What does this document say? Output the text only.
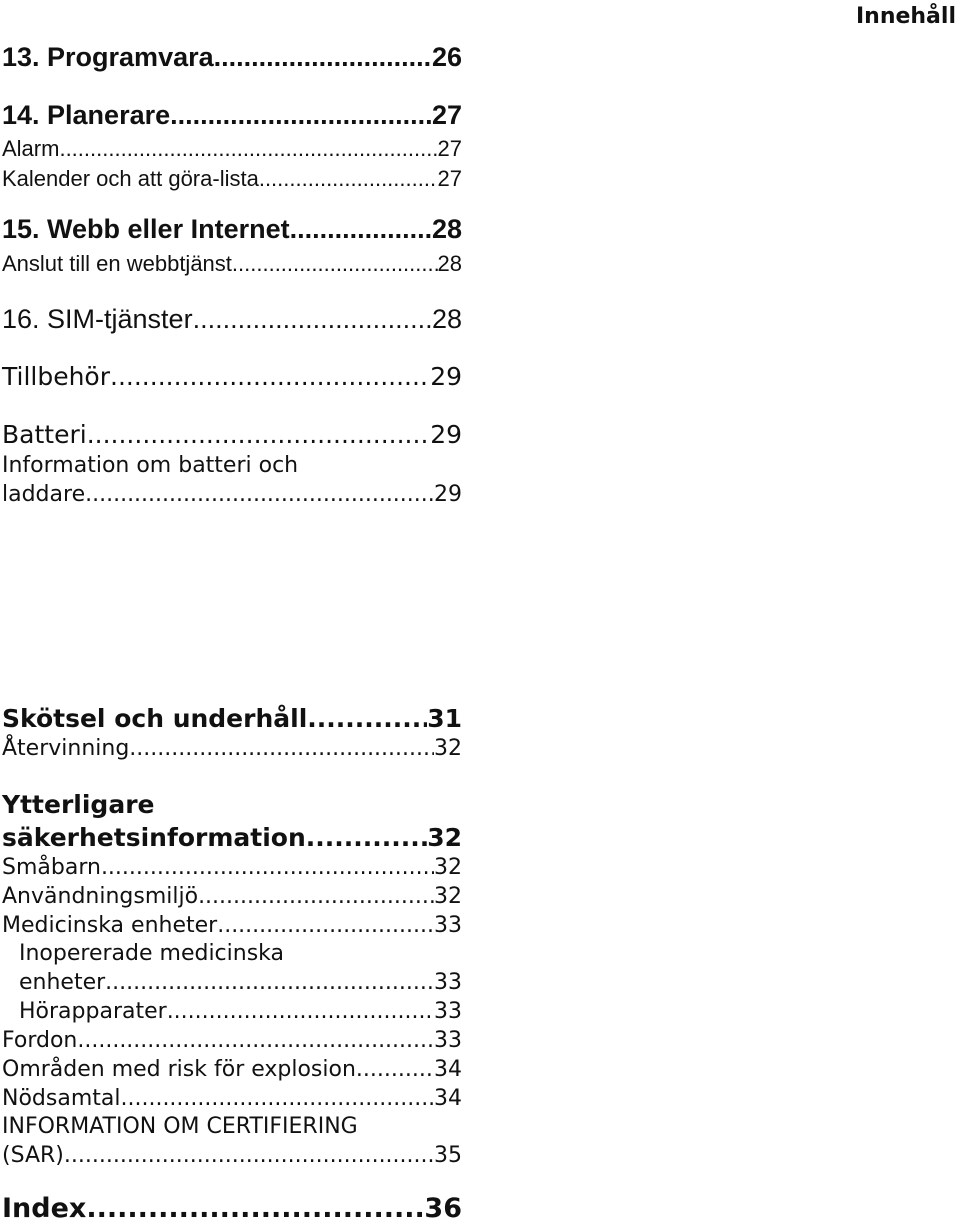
Innehåll
13. Programvara .....	26
14. Planerare .....	27
Alarm .....	27
Kalender och att göra-lista .....	27
15. Webb eller Internet .....	28
Anslut till en webbtjänst .....	28
16. SIM-tjänster .....	28
Tillbehör .....	29
Batteri .....	29
Information om batteri och
laddare .....	29
Skötsel och underhåll .....	31
Återvinning .....	32
Ytterligare
säkerhetsinformation .....	32
Småbarn .....	32
Användningsmiljö .....	32
Medicinska enheter .....	33
Inopererade medicinska
enheter .....	33
Hörapparater .....	33
Fordon .....	33
Områden med risk för explosion .....	34
Nödsamtal .....	34
INFORMATION OM CERTIFIERING
(SAR) .....	35
Index .....	36
